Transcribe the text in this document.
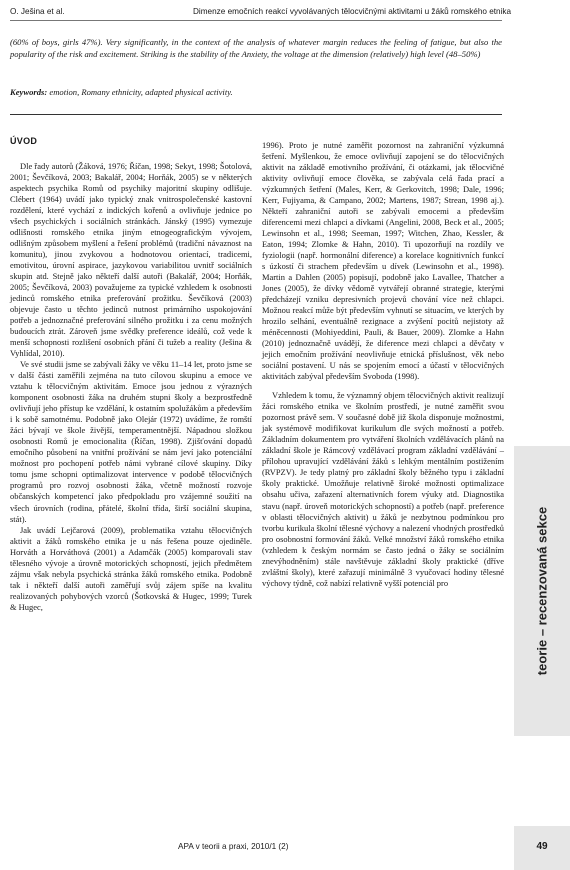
O. Ješina et al.	Dimenze emočních reakcí vyvolávaných tělocvičnými aktivitami u žáků romského etnika

(60% of boys, girls 47%). Very significantly, in the context of the analysis of whatever margin reduces the feeling of fatigue, but also the popularity of the risk and excitement. Striking is the stability of the Anxiety, the voltage at the dimension (relatively) high level (48–50%)

Keywords: emotion, Romany ethnicity, adapted physical activity.

ÚVOD

Dle řady autorů (Žáková, 1976; Říčan, 1998; Sekyt, 1998; Šotolová, 2001; Ševčíková, 2003; Bakalář, 2004; Horňák, 2005) se v některých aspektech psychika Romů od psychiky majoritní skupiny odlišuje. Clébert (1964) uvádí jako typický znak vnitrospolečenské kastovní rozdělení, které vychází z indických kořenů a ovlivňuje jednice po všech psychických i sociálních stránkách. Jánský (1995) vymezuje odlišnosti romského etnika jiným etnogeografickým vývojem, odlišným způsobem myšlení a řešení problémů (tradiční návaznost na komunitu), jinou zvykovou a hodnotovou orientací, tradicemi, emotivitou, úrovní aspirace, jazykovou variabilitou uvnitř sociálních skupin atd. Stejně jako někteří další autoři (Bakalář, 2004; Horňák, 2005; Ševčíková, 2003) považujeme za typické vzhledem k osobnosti jedinců romského etnika preferování prožitku. Ševčíková (2003) objevuje často u těchto jedinců nutnost primárního uspokojování potřeb a jednoznačné preferování silného prožitku i za cenu možných budoucích ztrát. Zároveň jsme svědky preference ideálů, což vede k menší schopnosti rozlišení osobních přání či tužeb a reality (Ješina & Vyhlídal, 2010).

Ve své studii jsme se zabývali žáky ve věku 11–14 let, proto jsme se v další části zaměřili zejména na tuto cílovou skupinu a emoce ve vztahu k tělocvičným aktivitám. Emoce jsou jednou z výrazných komponent osobnosti žáka na druhém stupni školy a bezprostředně ovlivňují jeho přístup ke vzdělání, k ostatním spolužákům a především i k sobě samotnému. Podobně jako Olejár (1972) uvádíme, že romští žáci bývají ve škole živější, temperamentnější. Nápadnou složkou osobnosti Romů je emocionalita (Říčan, 1998). Zjišťování dopadů emočního působení na vnitřní prožívání se nám jeví jako potenciální možnost pro pochopení potřeb námi vybrané cílové skupiny. Díky tomu jsme schopni optimalizovat intervence v podobě tělocvičných programů pro rozvoj osobnosti žáka, včetně možností rozvoje občanských kompetencí jako předpokladu pro vzájemné soužití na všech úrovních (rodina, přátelé, školní třída, širší sociální skupina, stát).

Jak uvádí Lejčarová (2009), problematika vztahu tělocvičných aktivit a žáků romského etnika je u nás řešena pouze ojediněle. Horváth a Horváthová (2001) a Adamčák (2005) komparovali stav tělesného vývoje a úrovně motorických schopností, jejich předmětem zájmu však nebyla psychická stránka žáků romského etnika. Podobně tak i někteří další autoři zaměřují svůj zájem spíše na kvalitu realizovaných pohybových vzorců (Šotkovská & Hugec, 1999; Turek & Hugec,

1996). Proto je nutné zaměřit pozornost na zahraniční výzkumná šetření. Myšlenkou, že emoce ovlivňují zapojení se do tělocvičných aktivit na základě emotivního prožívání, či otázkami, jak tělocvičné aktivity ovlivňují emoce člověka, se zabývala celá řada prací a výzkumných šetření (Males, Kerr, & Gerkovitch, 1998; Dale, 1996; Kerr, Fujiyama, & Campano, 2002; Martens, 1987; Strean, 1998 aj.). Někteří zahraniční autoři se zabývali emocemi a především diferencemi mezi chlapci a dívkami (Angelini, 2008, Beck et al., 2005; Lewinsohn et al., 1998; Seeman, 1997; Witchen, Zhao, Kessler, & Eaton, 1994; Zlomke & Hahn, 2010). Ti upozorňují na rozdíly ve fyziologii (např. hormonální diference) a korelace kognitivních funkcí s úzkostí či strachem především u dívek (Lewinsohn et al., 1998). Martin a Dahlen (2005) popisují, podobně jako Lavallee, Thatcher a Jones (2005), že dívky vědomě vytvářejí obranné strategie, kterými předcházejí vzniku depresivních projevů chování více než chlapci. Možnou reakcí může být především vyhnutí se situacím, ve kterých by hrozilo selhání, eventuálně rezignace a zvýšení pocitů nejistoty až méněcennosti (Mohiyeddini, Pauli, & Bauer, 2009). Zlomke a Hahn (2010) jednoznačně uvádějí, že diference mezi chlapci a děvčaty v jejich emočním prožívání neovlivňuje etnická příslušnost, věk nebo sociální postavení. U nás se spojením emocí a účastí v tělocvičných aktivitách zabýval především Svoboda (1998).

Vzhledem k tomu, že významný objem tělocvičných aktivit realizují žáci romského etnika ve školním prostředí, je nutné zaměřit svou pozornost právě sem. V současné době již škola disponuje možnostmi, jak systémově modifikovat kurikulum dle svých možností a potřeb. Základním dokumentem pro vytváření školních vzdělávacích plánů na základní škole je Rámcový vzdělávací program základní vzdělávání – přílohou upravující vzdělávání žáků s lehkým mentálním postižením (RVPZV). Je tedy platný pro základní školy běžného typu i základní školy praktické. Umožňuje relativně široké možnosti optimalizace obsahu učiva, zařazení alternativních forem výuky atd. Diagnostika stavu (např. úroveň motorických schopností) a potřeb (např. preference v oblasti tělocvičných aktivit) u žáků je nezbytnou podmínkou pro tvorbu kurikula školní tělesné výchovy a nalezení vhodných prostředků pro osobnostní formování žáků. Velké množství žáků romského etnika (vzhledem k českým normám se často jedná o žáky se sociálním znevýhodněním) stále navštěvuje základní školy praktické (dříve zvláštní školy), které zařazují minimálně 3 vyučovací hodiny tělesné výchovy týdně, což nabízí relativně vyšší potenciál pro	teorie – recenzovaná sekce
APA v teorii a praxi, 2010/1 (2)	49
